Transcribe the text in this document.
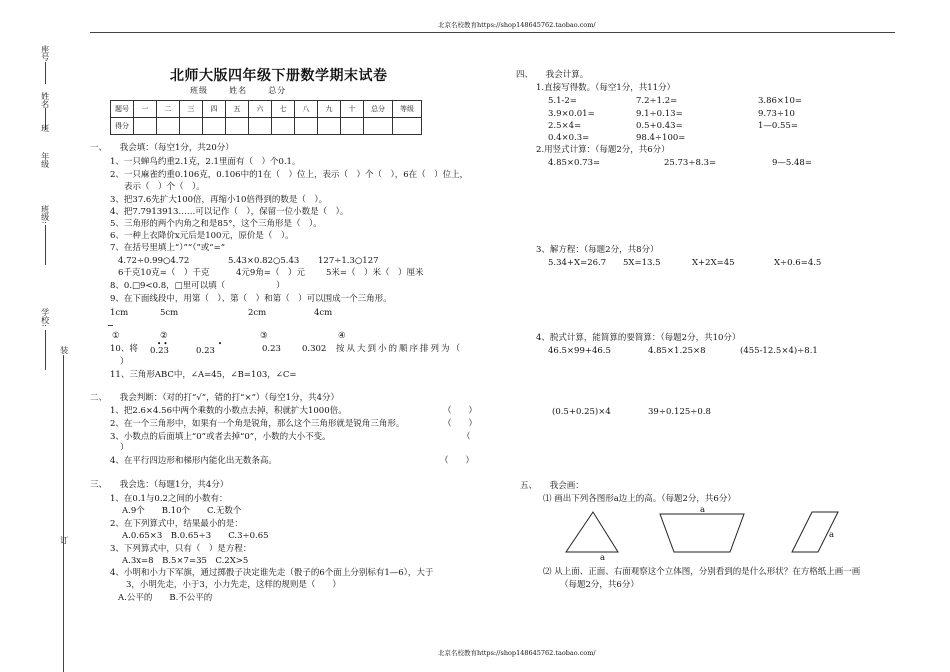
北京名校教育https://shop148645762.taobao.com/
北京名校教育https://shop148645762.taobao.com/
座号
姓名
班
年级
班级:
学校:
装
订
北师大版四年级下册数学期末试卷
班级	姓名	总分
题号	一	二	三	四	五	六	七	八	九	十	总分	等级
得分												
一、　　我会填：（每空1分，共20分）
1、一只蝉鸟约重2.1克，2.1里面有（　）个0.1。
2、一只麻雀约重0.106克，0.106中的1在（　）位上，表示（　）个（　），6在（　）位上，
表示（　）个（　）。
3、把37.6先扩大100倍，再缩小10倍得到的数是（　）。
4、把7.7913913……可以记作（　），保留一位小数是（　）。
5、三角形的两个内角之和是85°，这个三角形是（　）。
6、一种上衣降价x元后是100元，原价是（　）。
7、在括号里填上“）”“（”或“=”
4.72÷0.99○4.72	5.43×0.82○5.43 127÷1.3○127
6千克10克=（　）千克	4元9角=（　）元 5米=（　）米（　）厘米
8、0.□9<0.8，□里可以填（　　　　　　）
9、在下面线段中，用第（　）、第（　）和第（　）可以围成一个三角形。
1cm	5cm	2cm	4cm
①	②	③	④
10、将 0.23
• •
0.23
•	0.23 0.302 按从大到小的顺序排列为（
）
11、三角形ABC中，∠A=45，∠B=103，∠C=
二、　　我会判断：（对的打“√”，错的打“×”）（每空1分，共4分）
1、把2.6×4.56中两个乘数的小数点去掉，积就扩大1000倍。	（　　）
2、在一个三角形中，如果有一个角是锐角，那么这个三角形就是锐角三角形。	（　　）
3、小数点的后面填上“0”或者去掉“0”，小数的大小不变。	（
）
4、在平行四边形和梯形内能化出无数条高。	（　　）
三、　　我会选：（每题1分，共4分）
1、在0.1与0.2之间的小数有：
A.9个　　B.10个　　C.无数个
2、在下列算式中，结果最小的是：
A.0.65×3　B.0.65÷3　　C.3÷0.65
3、下列算式中，只有（　）是方程：
A.3x=8　B.5×7=35　C.2X>5
4、小明和小力下军旗，通过掷骰子决定谁先走（骰子的6个面上分别标有1—6），大于
3，小明先走，小于3，小力先走，这样的规则是（　　）
A.公平的　　B.不公平的
四、　　我会计算。
1.直接写得数。（每空1分，共11分）
5.1-2=	7.2÷1.2=	3.86×10=
3.9×0.01=	9.1÷0.13=	9.73÷10
2.5×4=	0.5+0.43=	1—0.55=
0.4×0.3=	98.4÷100=
2.用竖式计算：（每题2分，共6分）
4.85×0.73=	25.73÷8.3=	9—5.48=
3、解方程：（每题2分，共8分）
5.34+X=26.7 5X=13.5	X+2X=45	X÷0.6=4.5
4、脱式计算，能简算的要简算：（每题2分，共10分）
46.5×99+46.5	4.85×1.25×8	(455-12.5×4)÷8.1
(0.5+0.25)×4	39÷0.125÷0.8
五、　　我会画：
⑴ 画出下列各图形a边上的高。（每题2分，共6分）
a
a
a
⑵ 从上面、正面、右面观察这个立体图，分别看到的是什么形状？在方格纸上画一画
（每题2分，共6分）
